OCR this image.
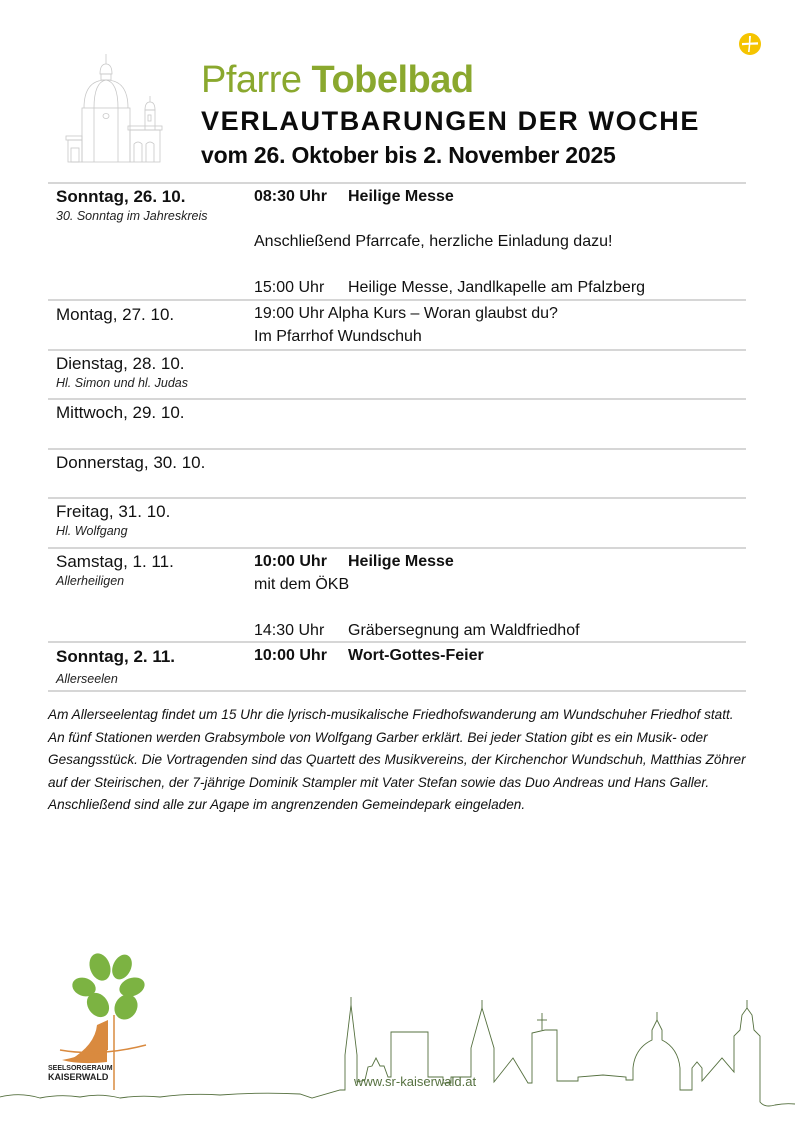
Pfarre Tobelbad
VERLAUTBARUNGEN DER WOCHE
vom 26. Oktober bis 2. November 2025
Sonntag, 26. 10.
30. Sonntag im Jahreskreis
08:30 Uhr Heilige Messe
Anschließend Pfarrcafe, herzliche Einladung dazu!
15:00 Uhr Heilige Messe, Jandlkapelle am Pfalzberg
Montag, 27. 10.	19:00 Uhr Alpha Kurs – Woran glaubst du?
Im Pfarrhof Wundschuh
Dienstag, 28. 10.
Hl. Simon und hl. Judas
Mittwoch, 29. 10.
Donnerstag, 30. 10.
Freitag, 31. 10.
Hl. Wolfgang
Samstag, 1. 11.
Allerheiligen
10:00 Uhr Heilige Messe
mit dem ÖKB
14:30 Uhr Gräbersegnung am Waldfriedhof
Sonntag, 2. 11.
Allerseelen
10:00 Uhr Wort-Gottes-Feier
Am Allerseelentag findet um 15 Uhr die lyrisch-musikalische Friedhofswanderung am Wundschuher Friedhof statt. An fünf Stationen werden Grabsymbole von Wolfgang Garber erklärt. Bei jeder Station gibt es ein Musik- oder Gesangsstück. Die Vortragenden sind das Quartett des Musikvereins, der Kirchenchor Wundschuh, Matthias Zöhrer auf der Steirischen, der 7-jährige Dominik Stampler mit Vater Stefan sowie das Duo Andreas und Hans Galler. Anschließend sind alle zur Agape im angrenzenden Gemeindepark eingeladen.
SEELSORGERAUM
KAISERWALD	www.sr-kaiserwald.at
